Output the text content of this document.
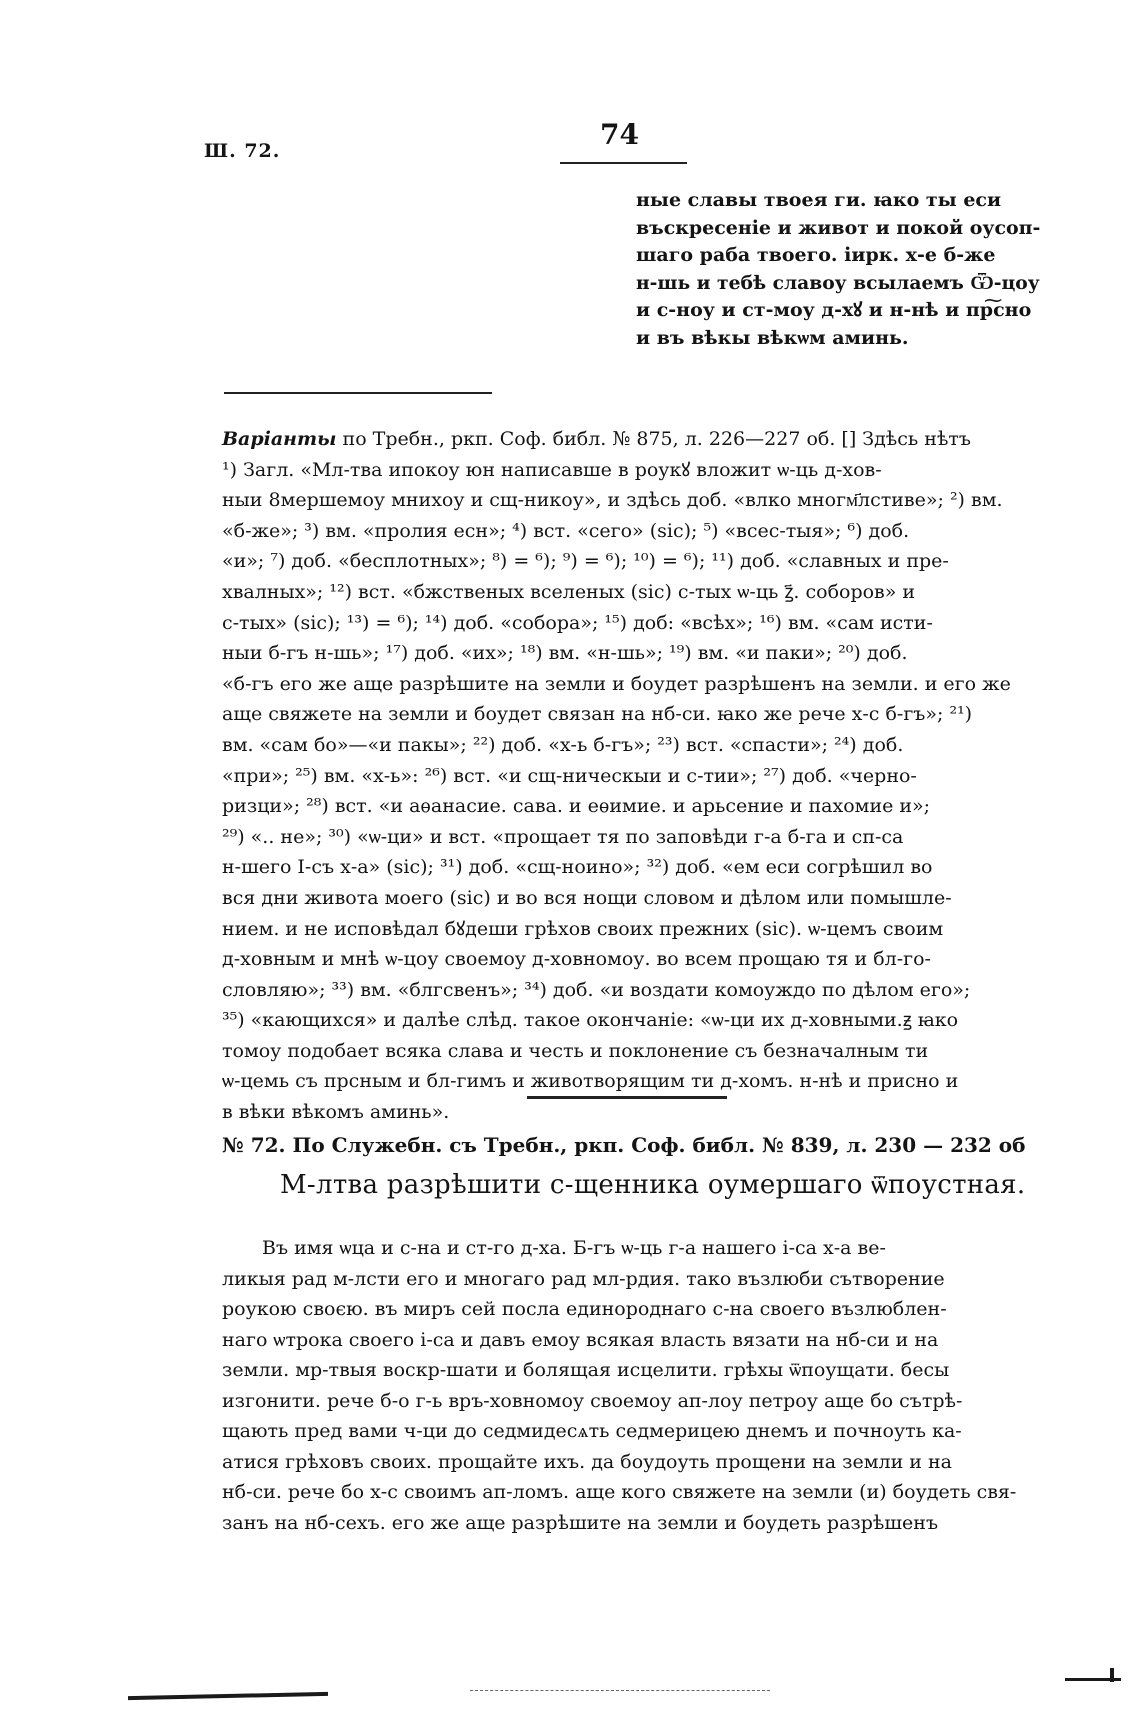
Ш. 72.	74
ные славы твоея ги. ꙗко ты еси
въскресеніе и живот и покой оусоп-
шаго раба твоего. іирк. х-е б-же
н-шь и тебѣ славоу всылаемъ Ѿ-цоу
и с-ноу и ст-моу д-хꙋ и н-нѣ и пр͠сно
и въ вѣкы вѣкѡм аминь.
Варіанты по Требн., ркп. Соф. библ. № 875, л. 226—227 об. [] Здѣсь нѣтъ
¹) Загл. «Мл-тва ипокоу юн написавше в роукꙋ вложит ѡ-ць д-хов-
ныи 8мершемоу мнихоу и сщ-никоу», и здѣсь доб. «влко многм҃лстиве»; ²) вм.
«б-же»; ³) вм. «пролия есн»; ⁴) вст. «сего» (sic); ⁵) «всес-тыя»; ⁶) доб.
«и»; ⁷) доб. «бесплотных»; ⁸) = ⁶); ⁹) = ⁶); ¹⁰) = ⁶); ¹¹) доб. «славных и пре-
хвалных»; ¹²) вст. «бжственых вселеных (sic) с-тых ѡ-ць ꙁ҃. соборов» и
с-тых» (sic); ¹³) = ⁶); ¹⁴) доб. «собора»; ¹⁵) доб: «всѣх»; ¹⁶) вм. «сам исти-
ныи б-гъ н-шь»; ¹⁷) доб. «их»; ¹⁸) вм. «н-шь»; ¹⁹) вм. «и паки»; ²⁰) доб.
«б-гъ его же аще разрѣшите на земли и боудет разрѣшенъ на земли. и его же
аще свяжете на земли и боудет связан на нб-си. ꙗко же рече х-с б-гъ»; ²¹)
вм. «сам бо»—«и пакы»; ²²) доб. «х-ь б-гъ»; ²³) вст. «спасти»; ²⁴) доб.
«при»; ²⁵) вм. «х-ь»: ²⁶) вст. «и сщ-ническыи и с-тии»; ²⁷) доб. «черно-
ризци»; ²⁸) вст. «и аѳанасие. сава. и еѳимие. и арьсение и пахомие и»;
²⁹) «.. не»; ³⁰) «ѡ-ци» и вст. «прощает тя по заповѣди г-а б-га и сп-са
н-шего І-съ х-а» (sic); ³¹) доб. «сщ-ноино»; ³²) доб. «ем еси согрѣшил во
вся дни живота моего (sic) и во вся нощи словом и дѣлом или помышле-
нием. и не исповѣдал бꙋдеши грѣхов своих прежних (sic). ѡ-цемъ своим
д-ховным и мнѣ ѡ-цоу своемоу д-ховномоу. во всем прощаю тя и бл-го-
словляю»; ³³) вм. «блгсвенъ»; ³⁴) доб. «и воздати комоуждо по дѣлом его»;
³⁵) «кающихся» и далѣе слѣд. такое окончаніе: «ѡ-ци их д-ховными.ꙃ ꙗко
томоу подобает всяка слава и честь и поклонение съ безначалным ти
ѡ-цемь съ прсным и бл-гимъ и животворящим ти д-хомъ. н-нѣ и присно и
в вѣки вѣкомъ аминь».
№ 72. По Служебн. съ Требн., ркп. Соф. библ. № 839, л. 230 — 232 об
М-лтва разрѣшити с-щенника оумершаго ѿпоустная.
Въ имя ѡца и с-на и ст-го д-ха. Б-гъ ѡ-ць г-а нашего і-са х-а ве-
ликыя рад м-лсти его и многаго рад мл-рдия. тако възлюби сътворение
роукою своєю. въ миръ сей посла единороднаго с-на своего възлюблен-
наго ѡтрока своего і-са и давъ емоу всякая власть вязати на нб-си и на
земли. мр-твыя воскр-шати и болящая исцелити. грѣхы ѿпоущати. бесы
изгонити. рече б-о г-ь връ-ховномоу своемоу ап-лоу петроу аще бо сътрѣ-
щають пред вами ч-ци до седмидесѧть седмерицею днемъ и почноуть ка-
атися грѣховъ своих. прощайте ихъ. да боудоуть прощени на земли и на
нб-си. рече бо х-с своимъ ап-ломъ. аще кого свяжете на земли (и) боудеть свя-
занъ на нб-сехъ. его же аще разрѣшите на земли и боудеть разрѣшенъ
